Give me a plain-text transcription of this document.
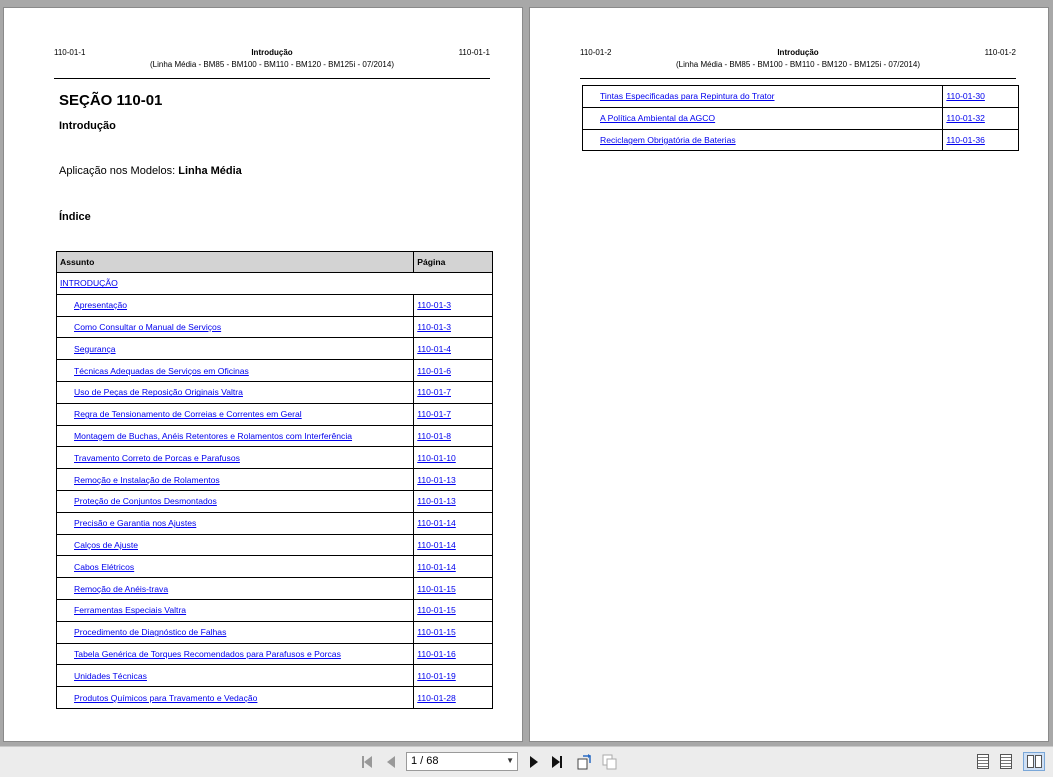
110-01-1	Introdução	110-01-1
(Linha Média - BM85 - BM100 - BM110 - BM120 - BM125i - 07/2014)
SEÇÃO 110-01
Introdução
Aplicação nos Modelos: Linha Média
Índice
Assunto	Página
INTRODUÇÃO	
Apresentação	110-01-3
Como Consultar o Manual de Serviços	110-01-3
Segurança	110-01-4
Técnicas Adequadas de Serviços em Oficinas	110-01-6
Uso de Peças de Reposição Originais Valtra	110-01-7
Regra de Tensionamento de Correias e Correntes em Geral	110-01-7
Montagem de Buchas, Anéis Retentores e Rolamentos com Interferência	110-01-8
Travamento Correto de Porcas e Parafusos	110-01-10
Remoção e Instalação de Rolamentos	110-01-13
Proteção de Conjuntos Desmontados	110-01-13
Precisão e Garantia nos Ajustes	110-01-14
Calços de Ajuste	110-01-14
Cabos Elétricos	110-01-14
Remoção de Anéis-trava	110-01-15
Ferramentas Especiais Valtra	110-01-15
Procedimento de Diagnóstico de Falhas	110-01-15
Tabela Genérica de Torques Recomendados para Parafusos e Porcas	110-01-16
Unidades Técnicas	110-01-19
Produtos Químicos para Travamento e Vedação	110-01-28
110-01-2	Introdução	110-01-2
(Linha Média - BM85 - BM100 - BM110 - BM120 - BM125i - 07/2014)
Tintas Especificadas para Repintura do Trator	110-01-30
A Política Ambiental da AGCO	110-01-32
Reciclagem Obrigatória de Baterias	110-01-36
1 / 68	▼
